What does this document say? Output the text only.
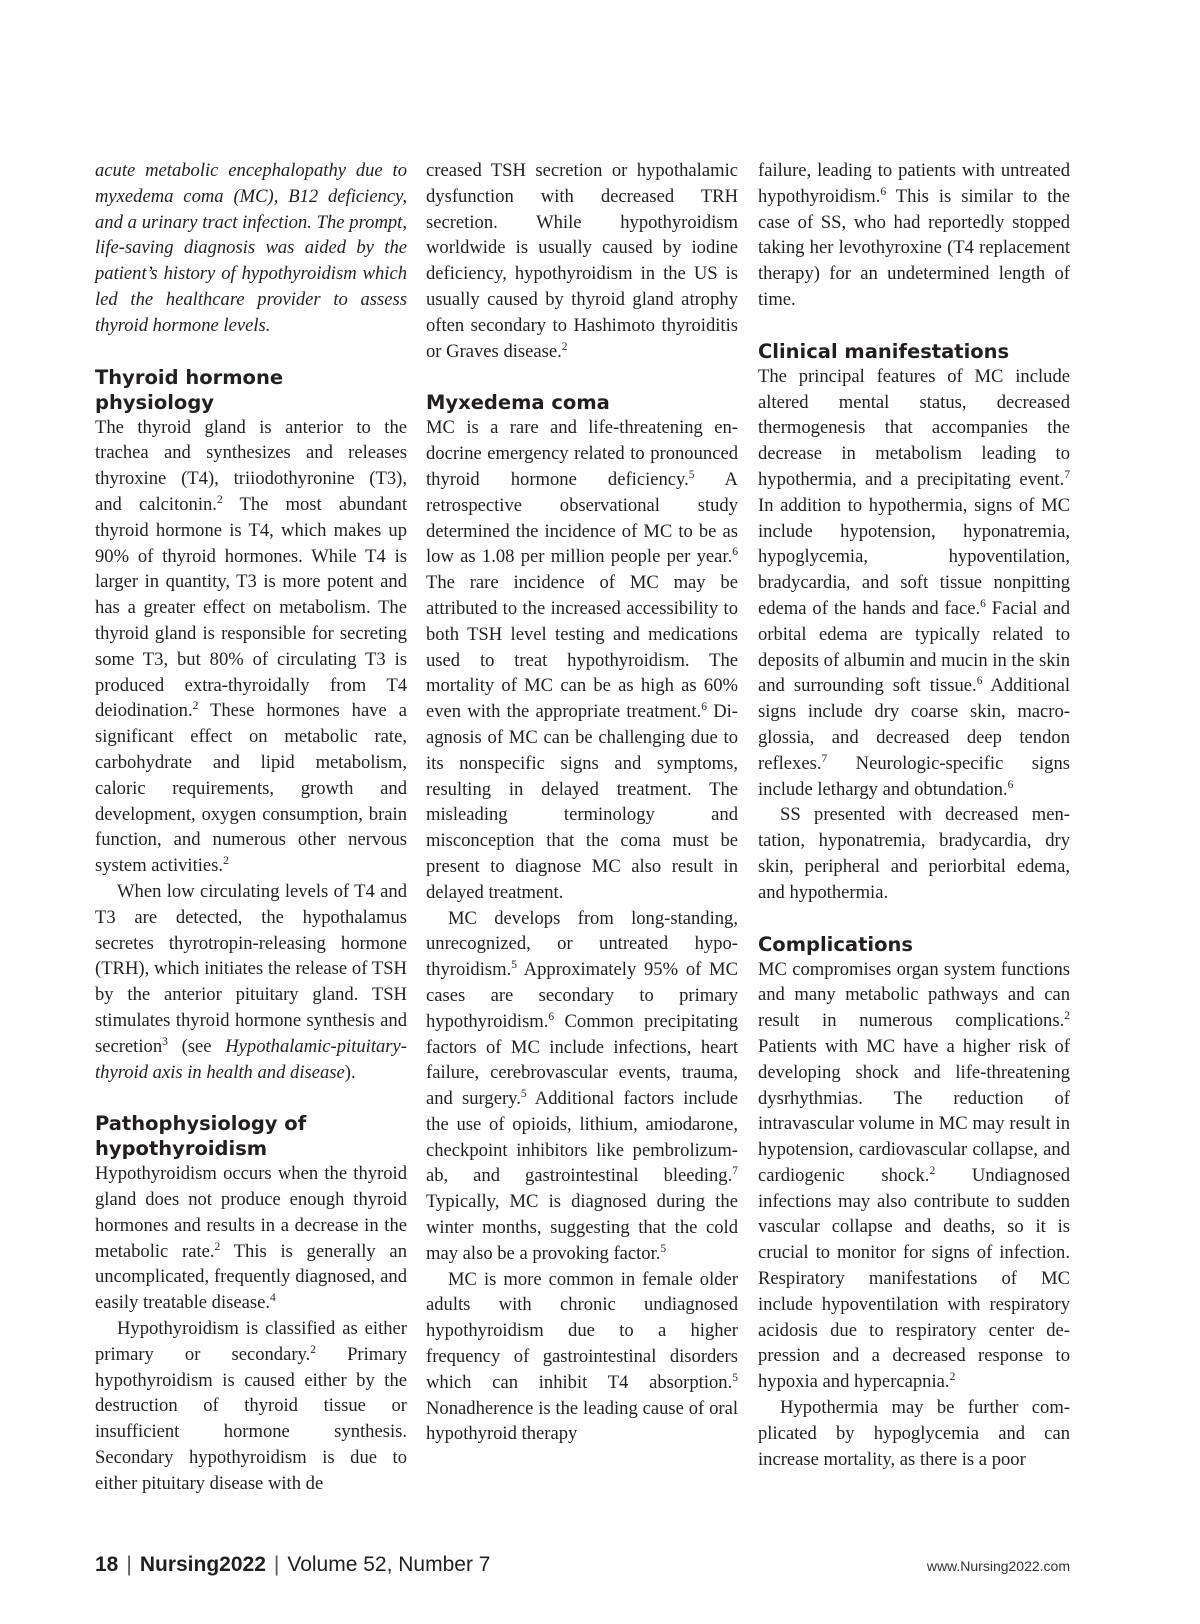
acute metabolic encephalopathy due to myxedema coma (MC), B12 deficiency, and a urinary tract infection. The prompt, life-saving diagnosis was aided by the patient’s history of hypothyroidism which led the healthcare provider to assess thyroid hormone levels.

Thyroid hormone physiology

The thyroid gland is anterior to the trachea and synthesizes and releases thyroxine (T4), triiodothyronine (T3), and calcitonin.$^2$ The most abundant thyroid hormone is T4, which makes up 90% of thyroid hormones. While T4 is larger in quantity, T3 is more potent and has a greater effect on metabolism. The thyroid gland is responsible for secreting some T3, but 80% of circulating T3 is produced extra-thyroidally from T4 deiodination.$^2$ These hormones have a significant effect on metabolic rate, carbohydrate and lipid metabolism, caloric requirements, growth and development, oxygen consumption, brain function, and numerous other nervous system activities.$^2$

When low circulating levels of T4 and T3 are detected, the hypothalamus secretes thyrotropin-releasing hormone (TRH), which initiates the release of TSH by the anterior pituitary gland. TSH stimulates thyroid hormone synthesis and secretion$^3$ (see Hypothalamic-pituitary-thyroid axis in health and disease).

Pathophysiology of hypothyroidism

Hypothyroidism occurs when the thyroid gland does not produce enough thyroid hormones and results in a decrease in the metabolic rate.$^2$ This is generally an uncomplicated, frequently diagnosed, and easily treatable disease.$^4$

Hypothyroidism is classified as either primary or secondary.$^2$ Primary hypothyroidism is caused either by the destruction of thyroid tissue or insufficient hormone synthesis. Secondary hypothyroidism is due to either pituitary disease with de

creased TSH secretion or hypothalamic dysfunction with decreased TRH secretion. While hypothyroidism worldwide is usually caused by iodine deficiency, hypothyroidism in the US is usually caused by thyroid gland atrophy often secondary to Hashimoto thyroiditis or Graves disease.$^2$

Myxedema coma

MC is a rare and life-threatening endocrine emergency related to pronounced thyroid hormone deficiency.$^5$ A retrospective observational study determined the incidence of MC to be as low as 1.08 per million people per year.$^6$ The rare incidence of MC may be attributed to the increased accessibility to both TSH level testing and medications used to treat hypothyroidism. The mortality of MC can be as high as 60% even with the appropriate treatment.$^6$ Diagnosis of MC can be challenging due to its nonspecific signs and symptoms, resulting in delayed treatment. The misleading terminology and misconception that the coma must be present to diagnose MC also result in delayed treatment.

MC develops from long-standing, unrecognized, or untreated hypothyroidism.$^5$ Approximately 95% of MC cases are secondary to primary hypothyroidism.$^6$ Common precipitating factors of MC include infections, heart failure, cerebrovascular events, trauma, and surgery.$^5$ Additional factors include the use of opioids, lithium, amiodarone, checkpoint inhibitors like pembrolizumab, and gastrointestinal bleeding.$^7$ Typically, MC is diagnosed during the winter months, suggesting that the cold may also be a provoking factor.$^5$

MC is more common in female older adults with chronic undiagnosed hypothyroidism due to a higher frequency of gastrointestinal disorders which can inhibit T4 absorption.$^5$ Nonadherence is the leading cause of oral hypothyroid therapy

failure, leading to patients with untreated hypothyroidism.$^6$ This is similar to the case of SS, who had reportedly stopped taking her levothyroxine (T4 replacement therapy) for an undetermined length of time.

Clinical manifestations

The principal features of MC include altered mental status, decreased thermogenesis that accompanies the decrease in metabolism leading to hypothermia, and a precipitating event.$^7$ In addition to hypothermia, signs of MC include hypotension, hyponatremia, hypoglycemia, hypoventilation, bradycardia, and soft tissue nonpitting edema of the hands and face.$^6$ Facial and orbital edema are typically related to deposits of albumin and mucin in the skin and surrounding soft tissue.$^6$ Additional signs include dry coarse skin, macroglossia, and decreased deep tendon reflexes.$^7$ Neurologic-specific signs include lethargy and obtundation.$^6$

SS presented with decreased mentation, hyponatremia, bradycardia, dry skin, peripheral and periorbital edema, and hypothermia.

Complications

MC compromises organ system functions and many metabolic pathways and can result in numerous complications.$^2$ Patients with MC have a higher risk of developing shock and life-threatening dysrhythmias. The reduction of intravascular volume in MC may result in hypotension, cardiovascular collapse, and cardiogenic shock.$^2$ Undiagnosed infections may also contribute to sudden vascular collapse and deaths, so it is crucial to monitor for signs of infection. Respiratory manifestations of MC include hypoventilation with respiratory acidosis due to respiratory center depression and a decreased response to hypoxia and hypercapnia.$^2$

Hypothermia may be further complicated by hypoglycemia and can increase mortality, as there is a poor

18 | Nursing2022 | Volume 52, Number 7	www.Nursing2022.com
